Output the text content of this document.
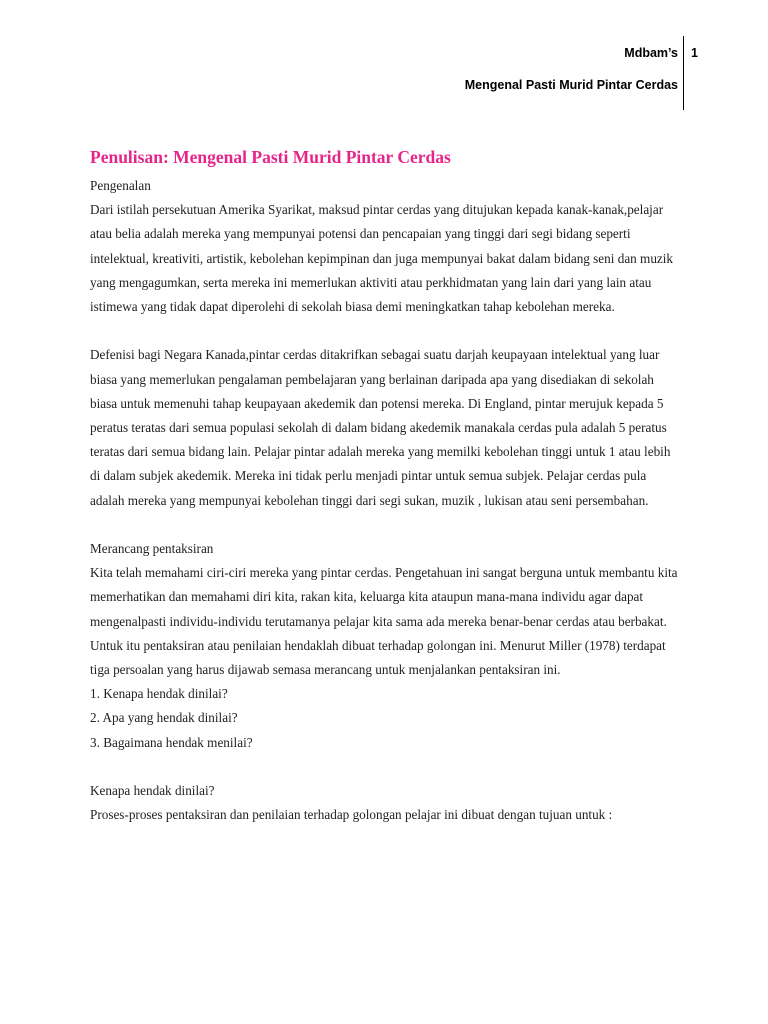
Mdbam’s 1
Mengenal Pasti Murid Pintar Cerdas
Penulisan: Mengenal Pasti Murid Pintar Cerdas

Pengenalan

Dari istilah persekutuan Amerika Syarikat, maksud pintar cerdas yang ditujukan kepada kanak-kanak,pelajar atau belia adalah mereka yang mempunyai potensi dan pencapaian yang tinggi dari segi bidang seperti intelektual, kreativiti, artistik, kebolehan kepimpinan dan juga mempunyai bakat dalam bidang seni dan muzik yang mengagumkan, serta mereka ini memerlukan aktiviti atau perkhidmatan yang lain dari yang lain atau istimewa yang tidak dapat diperolehi di sekolah biasa demi meningkatkan tahap kebolehan mereka.

Defenisi bagi Negara Kanada,pintar cerdas ditakrifkan sebagai suatu darjah keupayaan intelektual yang luar biasa yang memerlukan pengalaman pembelajaran yang berlainan daripada apa yang disediakan di sekolah biasa untuk memenuhi tahap keupayaan akedemik dan potensi mereka. Di England, pintar merujuk kepada 5 peratus teratas dari semua populasi sekolah di dalam bidang akedemik manakala cerdas pula adalah 5 peratus teratas dari semua bidang lain. Pelajar pintar adalah mereka yang memilki kebolehan tinggi untuk 1 atau lebih di dalam subjek akedemik. Mereka ini tidak perlu menjadi pintar untuk semua subjek. Pelajar cerdas pula adalah mereka yang mempunyai kebolehan tinggi dari segi sukan, muzik , lukisan atau seni persembahan.

Merancang pentaksiran

Kita telah memahami ciri-ciri mereka yang pintar cerdas. Pengetahuan ini sangat berguna untuk membantu kita memerhatikan dan memahami diri kita, rakan kita, keluarga kita ataupun mana-mana individu agar dapat mengenalpasti individu-individu terutamanya pelajar kita sama ada mereka benar-benar cerdas atau berbakat. Untuk itu pentaksiran atau penilaian hendaklah dibuat terhadap golongan ini. Menurut Miller (1978) terdapat tiga persoalan yang harus dijawab semasa merancang untuk menjalankan pentaksiran ini.

1. Kenapa hendak dinilai?

2. Apa yang hendak dinilai?

3. Bagaimana hendak menilai?

Kenapa hendak dinilai?

Proses-proses pentaksiran dan penilaian terhadap golongan pelajar ini dibuat dengan tujuan untuk :
